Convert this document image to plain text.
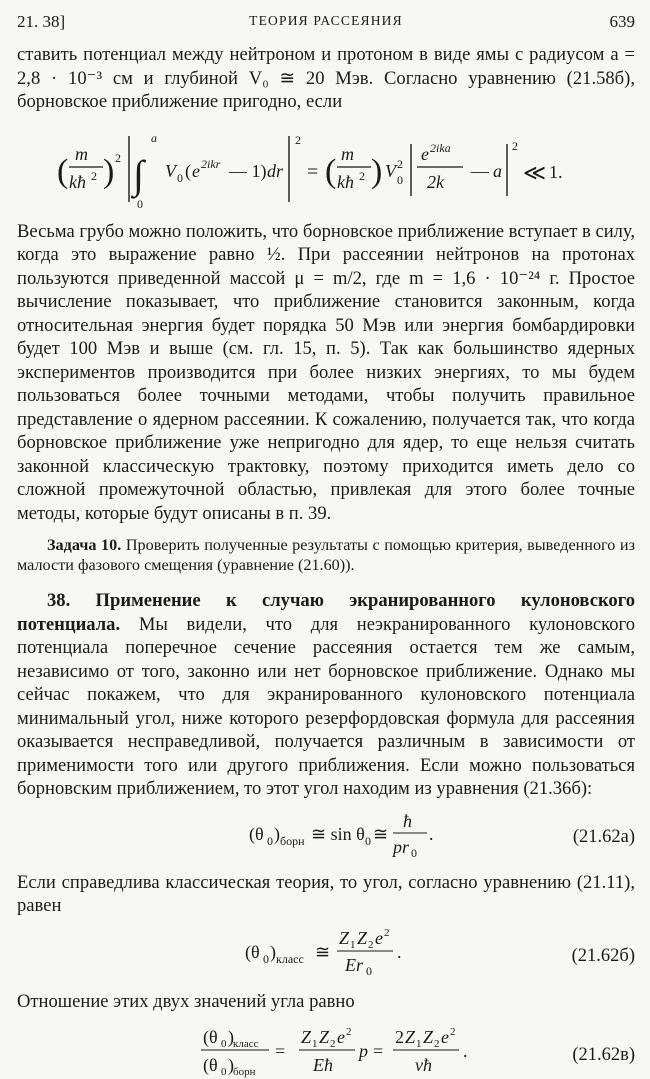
21. 38]	ТЕОРИЯ РАССЕЯНИЯ	639

ставить потенциал между нейтроном и протоном в виде ямы с радиусом a = 2,8 · 10⁻³ см и глубиной V₀ ≅ 20 Мэв. Согласно уравнению (21.58б), борновское приближение пригодно, если

( m
kħ 2 ) 2 ∫
a
0
V 0 ( e 2ikr — 1) dr
2
= ( m
kħ 2 ) V 2
0
e 2ika
2k
— a
2
≪ 1.

Весьма грубо можно положить, что борновское приближение вступает в силу, когда это выражение равно ½. При рассеянии нейтронов на протонах пользуются приведенной массой μ = m/2, где m = 1,6 · 10⁻²⁴ г. Простое вычисление показывает, что приближение становится законным, когда относительная энергия будет порядка 50 Мэв или энергия бомбардировки будет 100 Мэв и выше (см. гл. 15, п. 5). Так как большинство ядерных экспериментов производится при более низких энергиях, то мы будем пользоваться более точными методами, чтобы получить правильное представление о ядерном рассеянии. К сожалению, получается так, что когда борновское приближение уже непригодно для ядер, то еще нельзя считать законной классическую трактовку, поэтому приходится иметь дело со сложной промежуточной областью, привлекая для этого более точные методы, которые будут описаны в п. 39.

Задача 10. Проверить полученные результаты с помощью критерия, выведенного из малости фазового смещения (уравнение (21.60)).

38. Применение к случаю экранированного кулоновского потенциала. Мы видели, что для неэкранированного кулоновского потенциала поперечное сечение рассеяния остается тем же самым, независимо от того, законно или нет борновское приближение. Однако мы сейчас покажем, что для экранированного кулоновского потенциала минимальный угол, ниже которого резерфордовская формула для рассеяния оказывается несправедливой, получается различным в зависимости от применимости того или другого приближения. Если можно пользоваться борновским приближением, то этот угол находим из уравнения (21.36б):

(θ 0 ) борн ≅ sin θ 0 ≅
ħ
pr 0
.	(21.62а)

Если справедлива классическая теория, то угол, согласно уравнению (21.11), равен

(θ 0 ) класс ≅
Z 1 Z 2 e 2
Er 0
.	(21.62б)

Отношение этих двух значений угла равно

(θ 0 ) класс
(θ 0 ) борн
=
Z 1 Z 2 e 2
Eħ
p =
2 Z 1 Z 2 e 2
vħ
.	(21.62в)
